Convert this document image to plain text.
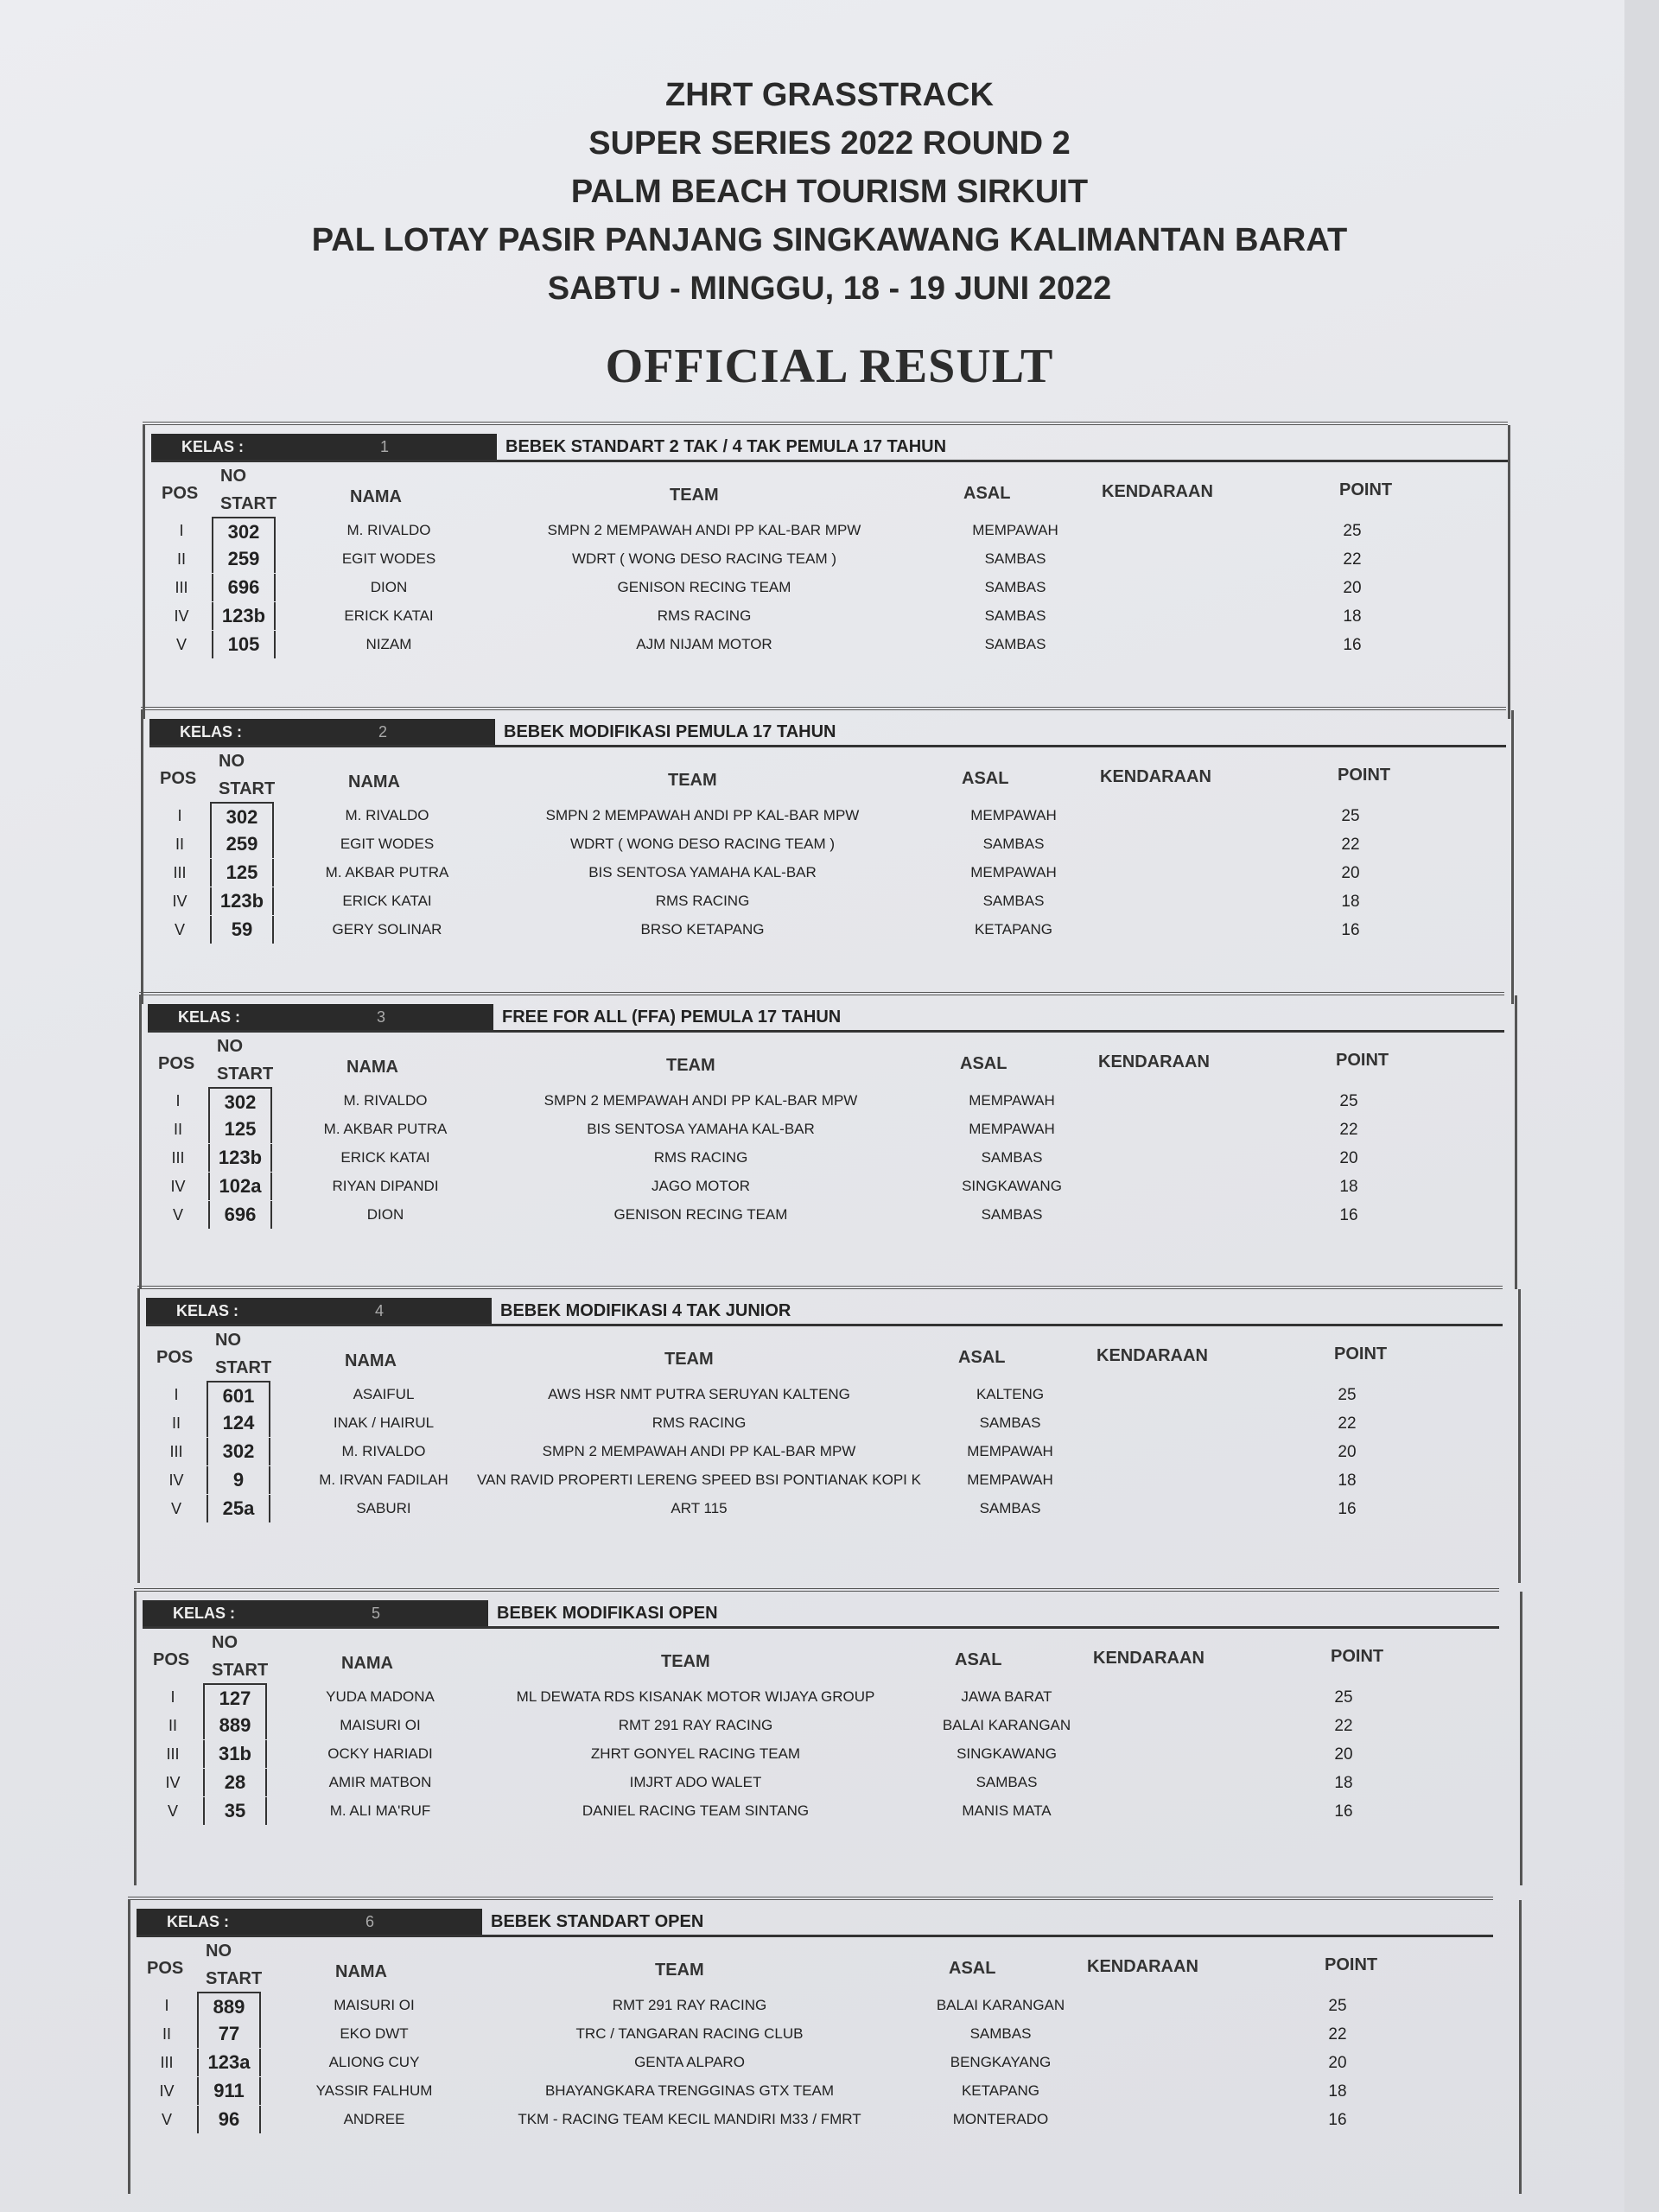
ZHRT GRASSTRACK
SUPER SERIES 2022 ROUND 2
PALM BEACH TOURISM SIRKUIT
PAL LOTAY PASIR PANJANG SINGKAWANG KALIMANTAN BARAT
SABTU - MINGGU, 18 - 19 JUNI 2022
OFFICIAL RESULT
KELAS :	1	BEBEK STANDART 2 TAK / 4 TAK PEMULA 17 TAHUN
POS
NO
START	NAMA	TEAM	ASAL	KENDARAAN	POINT
I	302	M. RIVALDO	SMPN 2 MEMPAWAH ANDI PP KAL-BAR MPW	MEMPAWAH	25
II	259	EGIT WODES	WDRT ( WONG DESO RACING TEAM )	SAMBAS	22
III	696	DION	GENISON RECING TEAM	SAMBAS	20
IV	123b	ERICK KATAI	RMS RACING	SAMBAS	18
V	105	NIZAM	AJM NIJAM MOTOR	SAMBAS	16
KELAS :	2	BEBEK MODIFIKASI PEMULA 17 TAHUN
POS
NO
START	NAMA	TEAM	ASAL	KENDARAAN	POINT
I	302	M. RIVALDO	SMPN 2 MEMPAWAH ANDI PP KAL-BAR MPW	MEMPAWAH	25
II	259	EGIT WODES	WDRT ( WONG DESO RACING TEAM )	SAMBAS	22
III	125	M. AKBAR PUTRA	BIS SENTOSA YAMAHA KAL-BAR	MEMPAWAH	20
IV	123b	ERICK KATAI	RMS RACING	SAMBAS	18
V	59	GERY SOLINAR	BRSO KETAPANG	KETAPANG	16
KELAS :	3	FREE FOR ALL (FFA) PEMULA 17 TAHUN
POS
NO
START	NAMA	TEAM	ASAL	KENDARAAN	POINT
I	302	M. RIVALDO	SMPN 2 MEMPAWAH ANDI PP KAL-BAR MPW	MEMPAWAH	25
II	125	M. AKBAR PUTRA	BIS SENTOSA YAMAHA KAL-BAR	MEMPAWAH	22
III	123b	ERICK KATAI	RMS RACING	SAMBAS	20
IV	102a	RIYAN DIPANDI	JAGO MOTOR	SINGKAWANG	18
V	696	DION	GENISON RECING TEAM	SAMBAS	16
KELAS :	4	BEBEK MODIFIKASI 4 TAK JUNIOR
POS
NO
START	NAMA	TEAM	ASAL	KENDARAAN	POINT
I	601	ASAIFUL	AWS HSR NMT PUTRA SERUYAN KALTENG	KALTENG	25
II	124	INAK / HAIRUL	RMS RACING	SAMBAS	22
III	302	M. RIVALDO	SMPN 2 MEMPAWAH ANDI PP KAL-BAR MPW	MEMPAWAH	20
IV	9	M. IRVAN FADILAH	VAN RAVID PROPERTI LERENG SPEED BSI PONTIANAK KOPI K	MEMPAWAH	18
V	25a	SABURI	ART 115	SAMBAS	16
KELAS :	5	BEBEK MODIFIKASI OPEN
POS
NO
START	NAMA	TEAM	ASAL	KENDARAAN	POINT
I	127	YUDA MADONA	ML DEWATA RDS KISANAK MOTOR WIJAYA GROUP	JAWA BARAT	25
II	889	MAISURI OI	RMT 291 RAY RACING	BALAI KARANGAN	22
III	31b	OCKY HARIADI	ZHRT GONYEL RACING TEAM	SINGKAWANG	20
IV	28	AMIR MATBON	IMJRT ADO WALET	SAMBAS	18
V	35	M. ALI MA'RUF	DANIEL RACING TEAM SINTANG	MANIS MATA	16
KELAS :	6	BEBEK STANDART OPEN
POS
NO
START	NAMA	TEAM	ASAL	KENDARAAN	POINT
I	889	MAISURI OI	RMT 291 RAY RACING	BALAI KARANGAN	25
II	77	EKO DWT	TRC / TANGARAN RACING CLUB	SAMBAS	22
III	123a	ALIONG CUY	GENTA ALPARO	BENGKAYANG	20
IV	911	YASSIR FALHUM	BHAYANGKARA TRENGGINAS GTX TEAM	KETAPANG	18
V	96	ANDREE	TKM - RACING TEAM KECIL MANDIRI M33 / FMRT	MONTERADO	16
